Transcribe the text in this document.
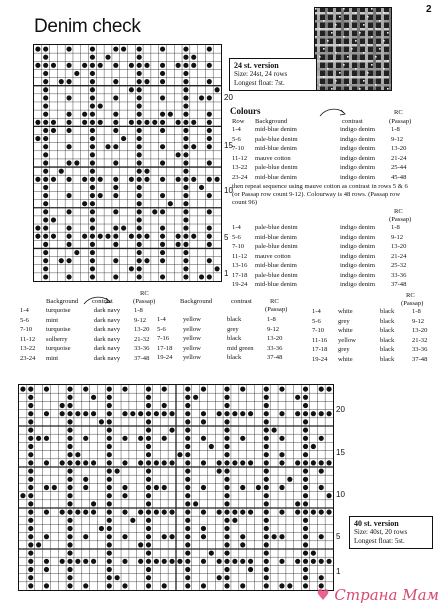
Denim check
2
20
15
10
5
1
24 st. version
Size: 24st, 24 rows
Longest float: 7st.
Colours
Row Background	contrast
RC
(Passap)
1-4 mid-blue denim	indigo denim 1-8
5-6 pale-blue denim	indigo denim 9-12
7-10 mid-blue denim	indigo denim 13-20
11-12 mauve cotton	indigo denim 21-24
13-22 pale-blue denim	indigo denim 25-44
23-24 mid-blue denim	indigo denim 45-48
then repeat sequence using mauve cotton as contrast in rows 5 & 6 (or Passap row count 9-12). Colourway is 48 rows. (Passap row count 96)
RC
(Passap)
1-4 pale-blue denim	indigo denim 1-8
5-6 mid-blue denim	indigo denim 9-12
7-10 pale-blue denim	indigo denim 13-20
11-12 mauve cotton	indigo denim 21-24
13-16 mid-blue denim	indigo denim 25-32
17-18 pale-blue denim	indigo denim 33-36
19-24 mid-blue denim	indigo denim 37-48
Background contrast
RC
(Passap)	Background	contrast	RC
(Passap)
RC
(Passap)
1-4	turquoise	dark navy 1-8
5-6	mint	dark navy 9-12
7-10 turquoise	dark navy 13-20
11-12 solberry	dark navy 21-32
13-22 turquoise	dark navy 33-36
23-24 mint	dark navy 37-48
1-4	yellow	black	1-8
5-6	yellow	grey	9-12
7-16 yellow	black	13-20
17-18 yellow	mid green 33-36
19-24 yellow	black	37-48
1-4	white	black	1-8
5-6	grey	black	9-12
7-10 white	black	13-20
11-16 yellow	black	21-32
17-18 grey	black	33-36
19-24 white	black	37-48
20
15
10
5
1
40 st. version
Size: 40st, 20 rows
Longest float: 5st.
♥ Страна Мам
